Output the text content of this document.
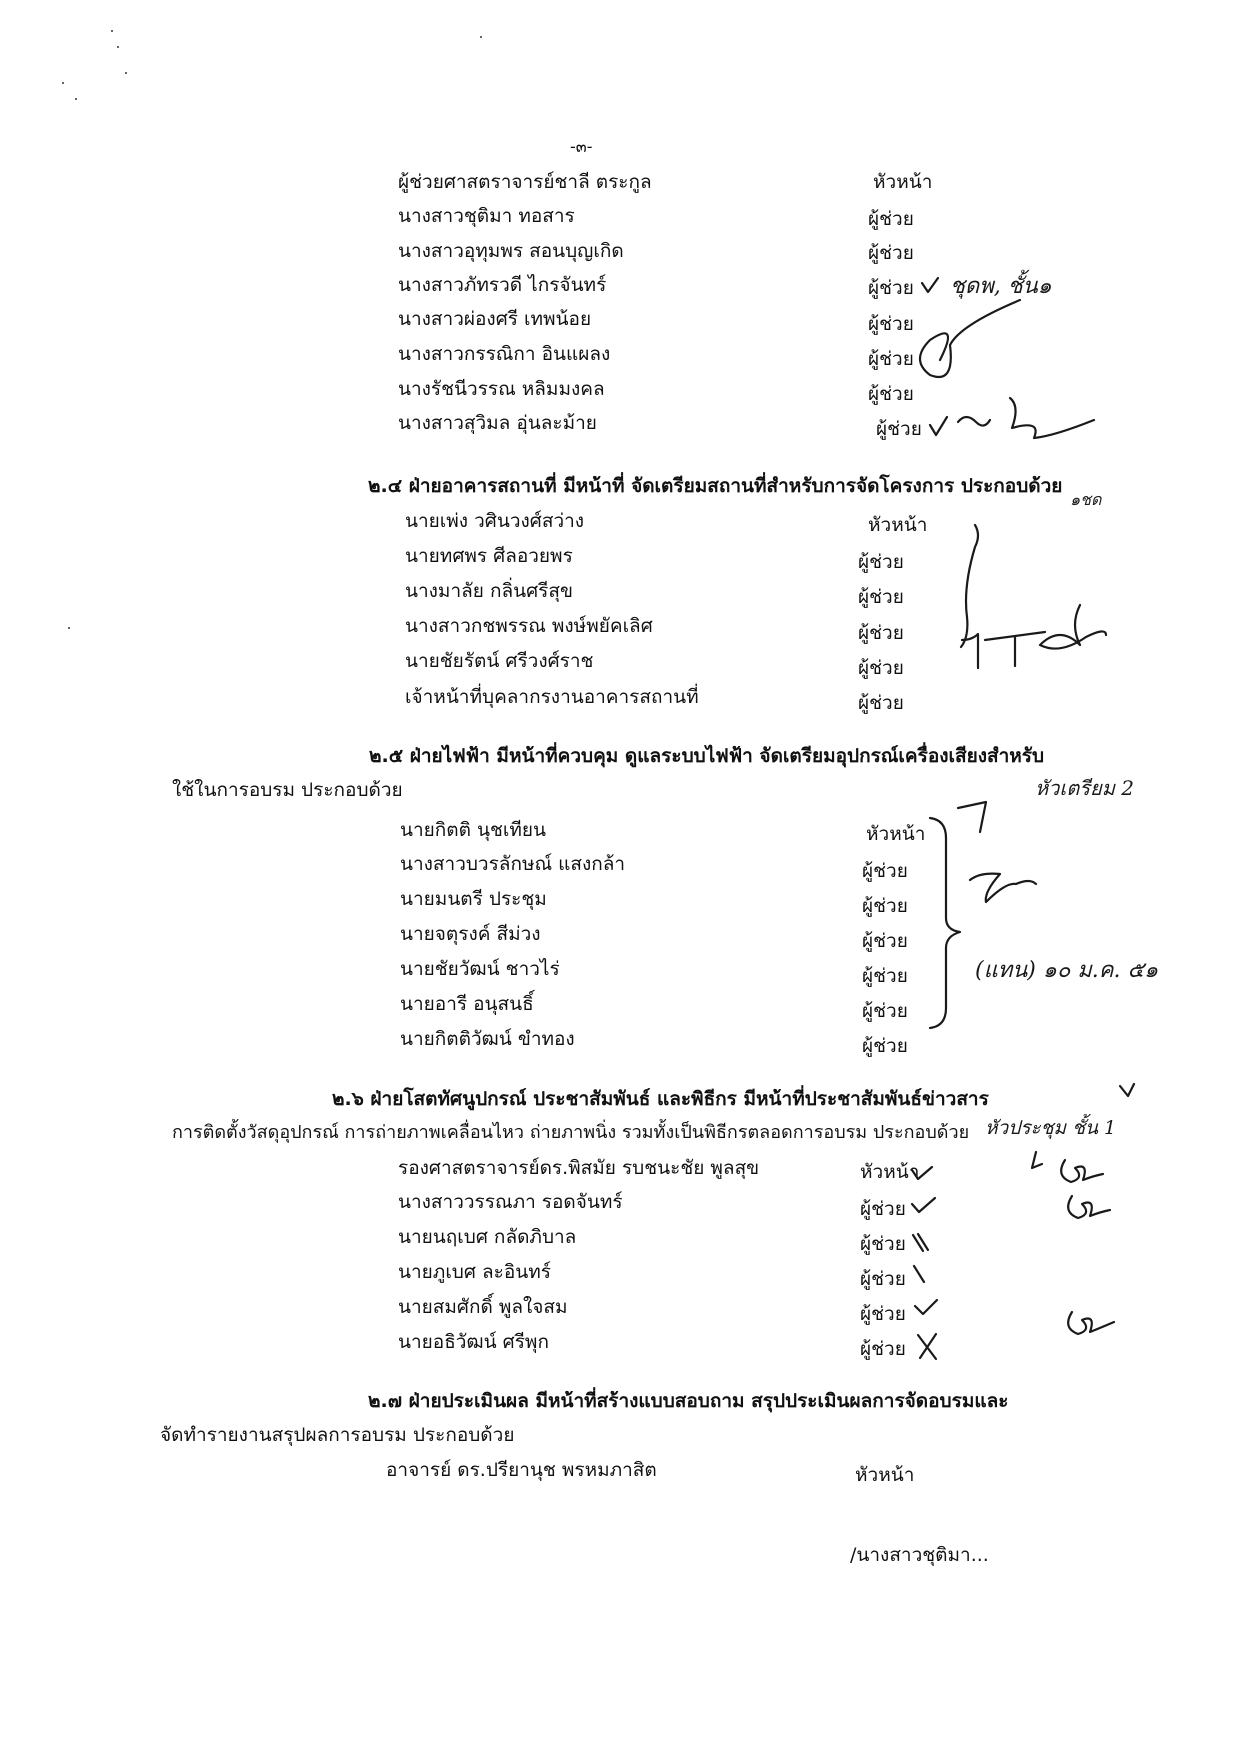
-๓-
ผู้ช่วยศาสตราจารย์ชาลี ตระกูล	หัวหน้า
นางสาวชุติมา ทอสาร	ผู้ช่วย
นางสาวอุทุมพร สอนบุญเกิด	ผู้ช่วย
นางสาวภัทรวดี ไกรจันทร์	ผู้ช่วย
นางสาวผ่องศรี เทพน้อย	ผู้ช่วย
นางสาวกรรณิกา อินแผลง	ผู้ช่วย
นางรัชนีวรรณ หลิมมงคล	ผู้ช่วย
นางสาวสุวิมล อุ่นละม้าย	ผู้ช่วย
๒.๔ ฝ่ายอาคารสถานที่ มีหน้าที่ จัดเตรียมสถานที่สำหรับการจัดโครงการ ประกอบด้วย
นายเพ่ง วศินวงศ์สว่าง	หัวหน้า
นายทศพร ศีลอวยพร	ผู้ช่วย
นางมาลัย กลิ่นศรีสุข	ผู้ช่วย
นางสาวกชพรรณ พงษ์พยัคเลิศ	ผู้ช่วย
นายชัยรัตน์ ศรีวงศ์ราช	ผู้ช่วย
เจ้าหน้าที่บุคลากรงานอาคารสถานที่	ผู้ช่วย
๒.๕ ฝ่ายไฟฟ้า มีหน้าที่ควบคุม ดูแลระบบไฟฟ้า จัดเตรียมอุปกรณ์เครื่องเสียงสำหรับ
ใช้ในการอบรม ประกอบด้วย
นายกิตติ นุชเทียน	หัวหน้า
นางสาวบวรลักษณ์ แสงกล้า	ผู้ช่วย
นายมนตรี ประชุม	ผู้ช่วย
นายจตุรงค์ สีม่วง	ผู้ช่วย
นายชัยวัฒน์ ชาวไร่	ผู้ช่วย
นายอารี อนุสนธิ์	ผู้ช่วย
นายกิตติวัฒน์ ขำทอง	ผู้ช่วย
๒.๖ ฝ่ายโสตทัศนูปกรณ์ ประชาสัมพันธ์ และพิธีกร มีหน้าที่ประชาสัมพันธ์ข่าวสาร
การติดตั้งวัสดุอุปกรณ์ การถ่ายภาพเคลื่อนไหว ถ่ายภาพนิ่ง รวมทั้งเป็นพิธีกรตลอดการอบรม ประกอบด้วย
รองศาสตราจารย์ดร.พิสมัย รบชนะชัย พูลสุข	หัวหน้า
นางสาววรรณภา รอดจันทร์	ผู้ช่วย
นายนฤเบศ กลัดภิบาล	ผู้ช่วย
นายภูเบศ ละอินทร์	ผู้ช่วย
นายสมศักดิ์ พูลใจสม	ผู้ช่วย
นายอธิวัฒน์ ศรีพุก	ผู้ช่วย
๒.๗ ฝ่ายประเมินผล มีหน้าที่สร้างแบบสอบถาม สรุปประเมินผลการจัดอบรมและ
จัดทำรายงานสรุปผลการอบรม ประกอบด้วย
อาจารย์ ดร.ปรียานุช พรหมภาสิต	หัวหน้า
/นางสาวชุติมา...
ชุดพ, ชั้น๑
๑ชด
หัวเตรียม 2
(แทน) ๑๐ ม.ค. ๕๑
หัวประชุม ชั้น 1
